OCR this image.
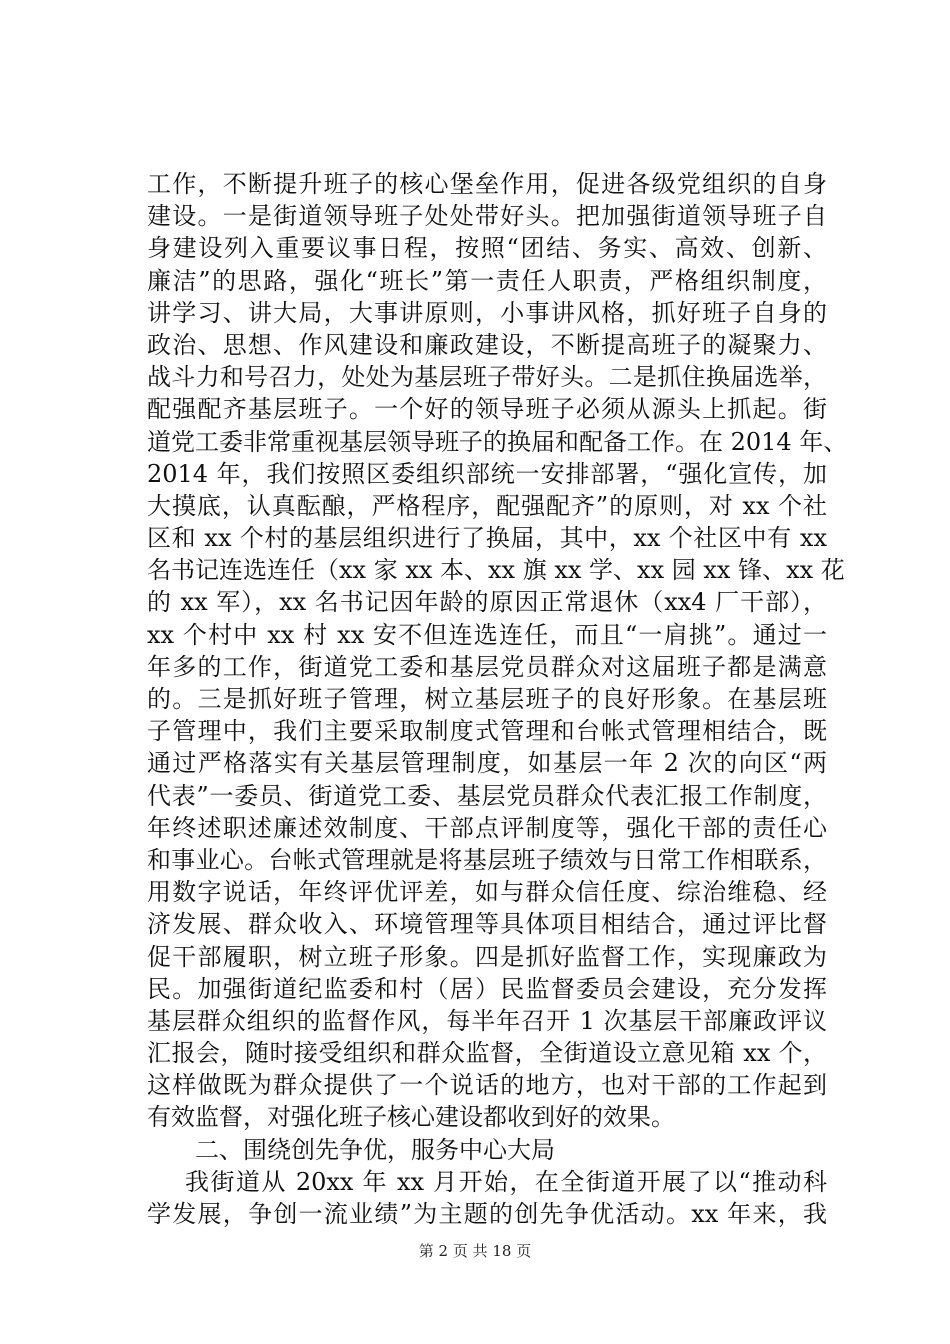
工作，不断提升班子的核心堡垒作用，促进各级党组织的自身
建设。一是街道领导班子处处带好头。把加强街道领导班子自
身建设列入重要议事日程，按照“团结、务实、高效、创新、
廉洁”的思路，强化“班长”第一责任人职责，严格组织制度，
讲学习、讲大局，大事讲原则，小事讲风格，抓好班子自身的
政治、思想、作风建设和廉政建设，不断提高班子的凝聚力、
战斗力和号召力，处处为基层班子带好头。二是抓住换届选举，
配强配齐基层班子。一个好的领导班子必须从源头上抓起。街
道党工委非常重视基层领导班子的换届和配备工作。在 2014 年、
2014 年，我们按照区委组织部统一安排部署，“强化宣传，加
大摸底，认真酝酿，严格程序，配强配齐”的原则，对 xx 个社
区和 xx 个村的基层组织进行了换届，其中，xx 个社区中有 xx
名书记连选连任（xx 家 xx 本、xx 旗 xx 学、xx 园 xx 锋、xx 花
的 xx 军），xx 名书记因年龄的原因正常退休（xx4 厂干部），
xx 个村中 xx 村 xx 安不但连选连任，而且“一肩挑”。通过一
年多的工作，街道党工委和基层党员群众对这届班子都是满意
的。三是抓好班子管理，树立基层班子的良好形象。在基层班
子管理中，我们主要采取制度式管理和台帐式管理相结合，既
通过严格落实有关基层管理制度，如基层一年 2 次的向区“两
代表”一委员、街道党工委、基层党员群众代表汇报工作制度，
年终述职述廉述效制度、干部点评制度等，强化干部的责任心
和事业心。台帐式管理就是将基层班子绩效与日常工作相联系，
用数字说话，年终评优评差，如与群众信任度、综治维稳、经
济发展、群众收入、环境管理等具体项目相结合，通过评比督
促干部履职，树立班子形象。四是抓好监督工作，实现廉政为
民。加强街道纪监委和村（居）民监督委员会建设，充分发挥
基层群众组织的监督作风，每半年召开 1 次基层干部廉政评议
汇报会，随时接受组织和群众监督，全街道设立意见箱 xx 个，
这样做既为群众提供了一个说话的地方，也对干部的工作起到
有效监督，对强化班子核心建设都收到好的效果。
二、围绕创先争优，服务中心大局
我街道从 20xx 年 xx 月开始，在全街道开展了以“推动科
学发展，争创一流业绩”为主题的创先争优活动。xx 年来，我
第 2 页 共 18 页
